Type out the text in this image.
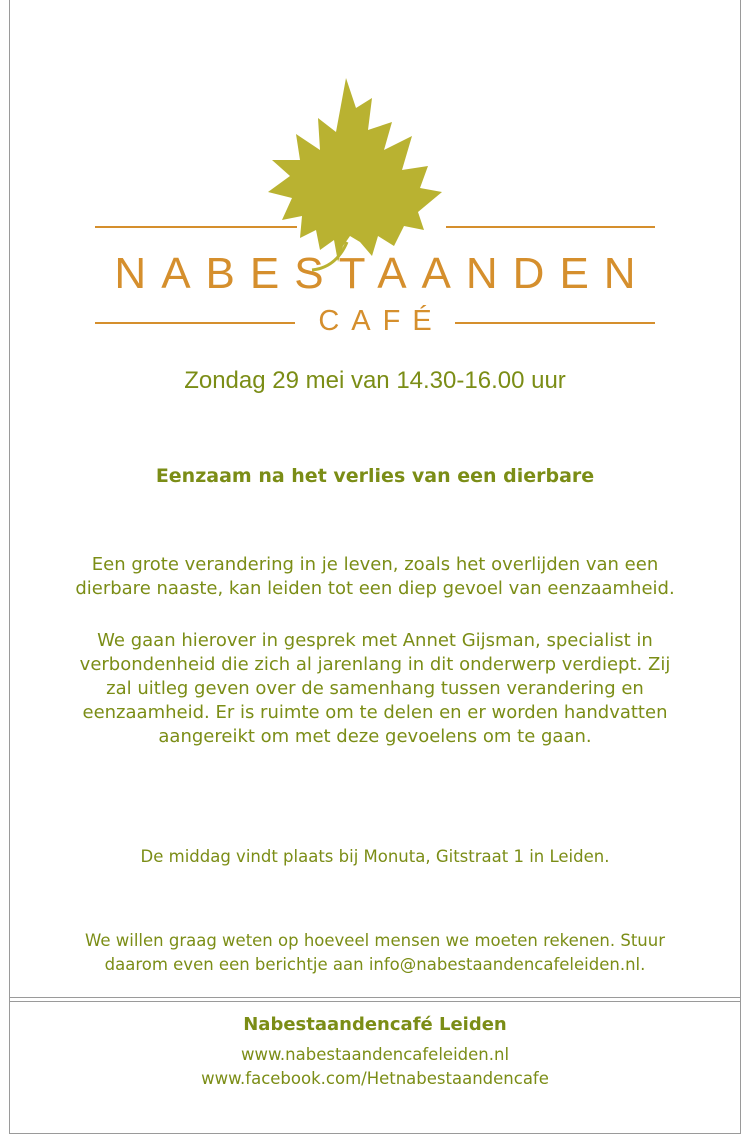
NABESTAANDEN
CAFÉ
Zondag 29 mei van 14.30-16.00 uur
Eenzaam na het verlies van een dierbare
Een grote verandering in je leven, zoals het overlijden van een
dierbare naaste, kan leiden tot een diep gevoel van eenzaamheid.
We gaan hierover in gesprek met Annet Gijsman, specialist in
verbondenheid die zich al jarenlang in dit onderwerp verdiept. Zij
zal uitleg geven over de samenhang tussen verandering en
eenzaamheid. Er is ruimte om te delen en er worden handvatten
aangereikt om met deze gevoelens om te gaan.
De middag vindt plaats bij Monuta, Gitstraat 1 in Leiden.
We willen graag weten op hoeveel mensen we moeten rekenen. Stuur
daarom even een berichtje aan info@nabestaandencafeleiden.nl.
Nabestaandencafé Leiden
www.nabestaandencafeleiden.nl
www.facebook.com/Hetnabestaandencafe
